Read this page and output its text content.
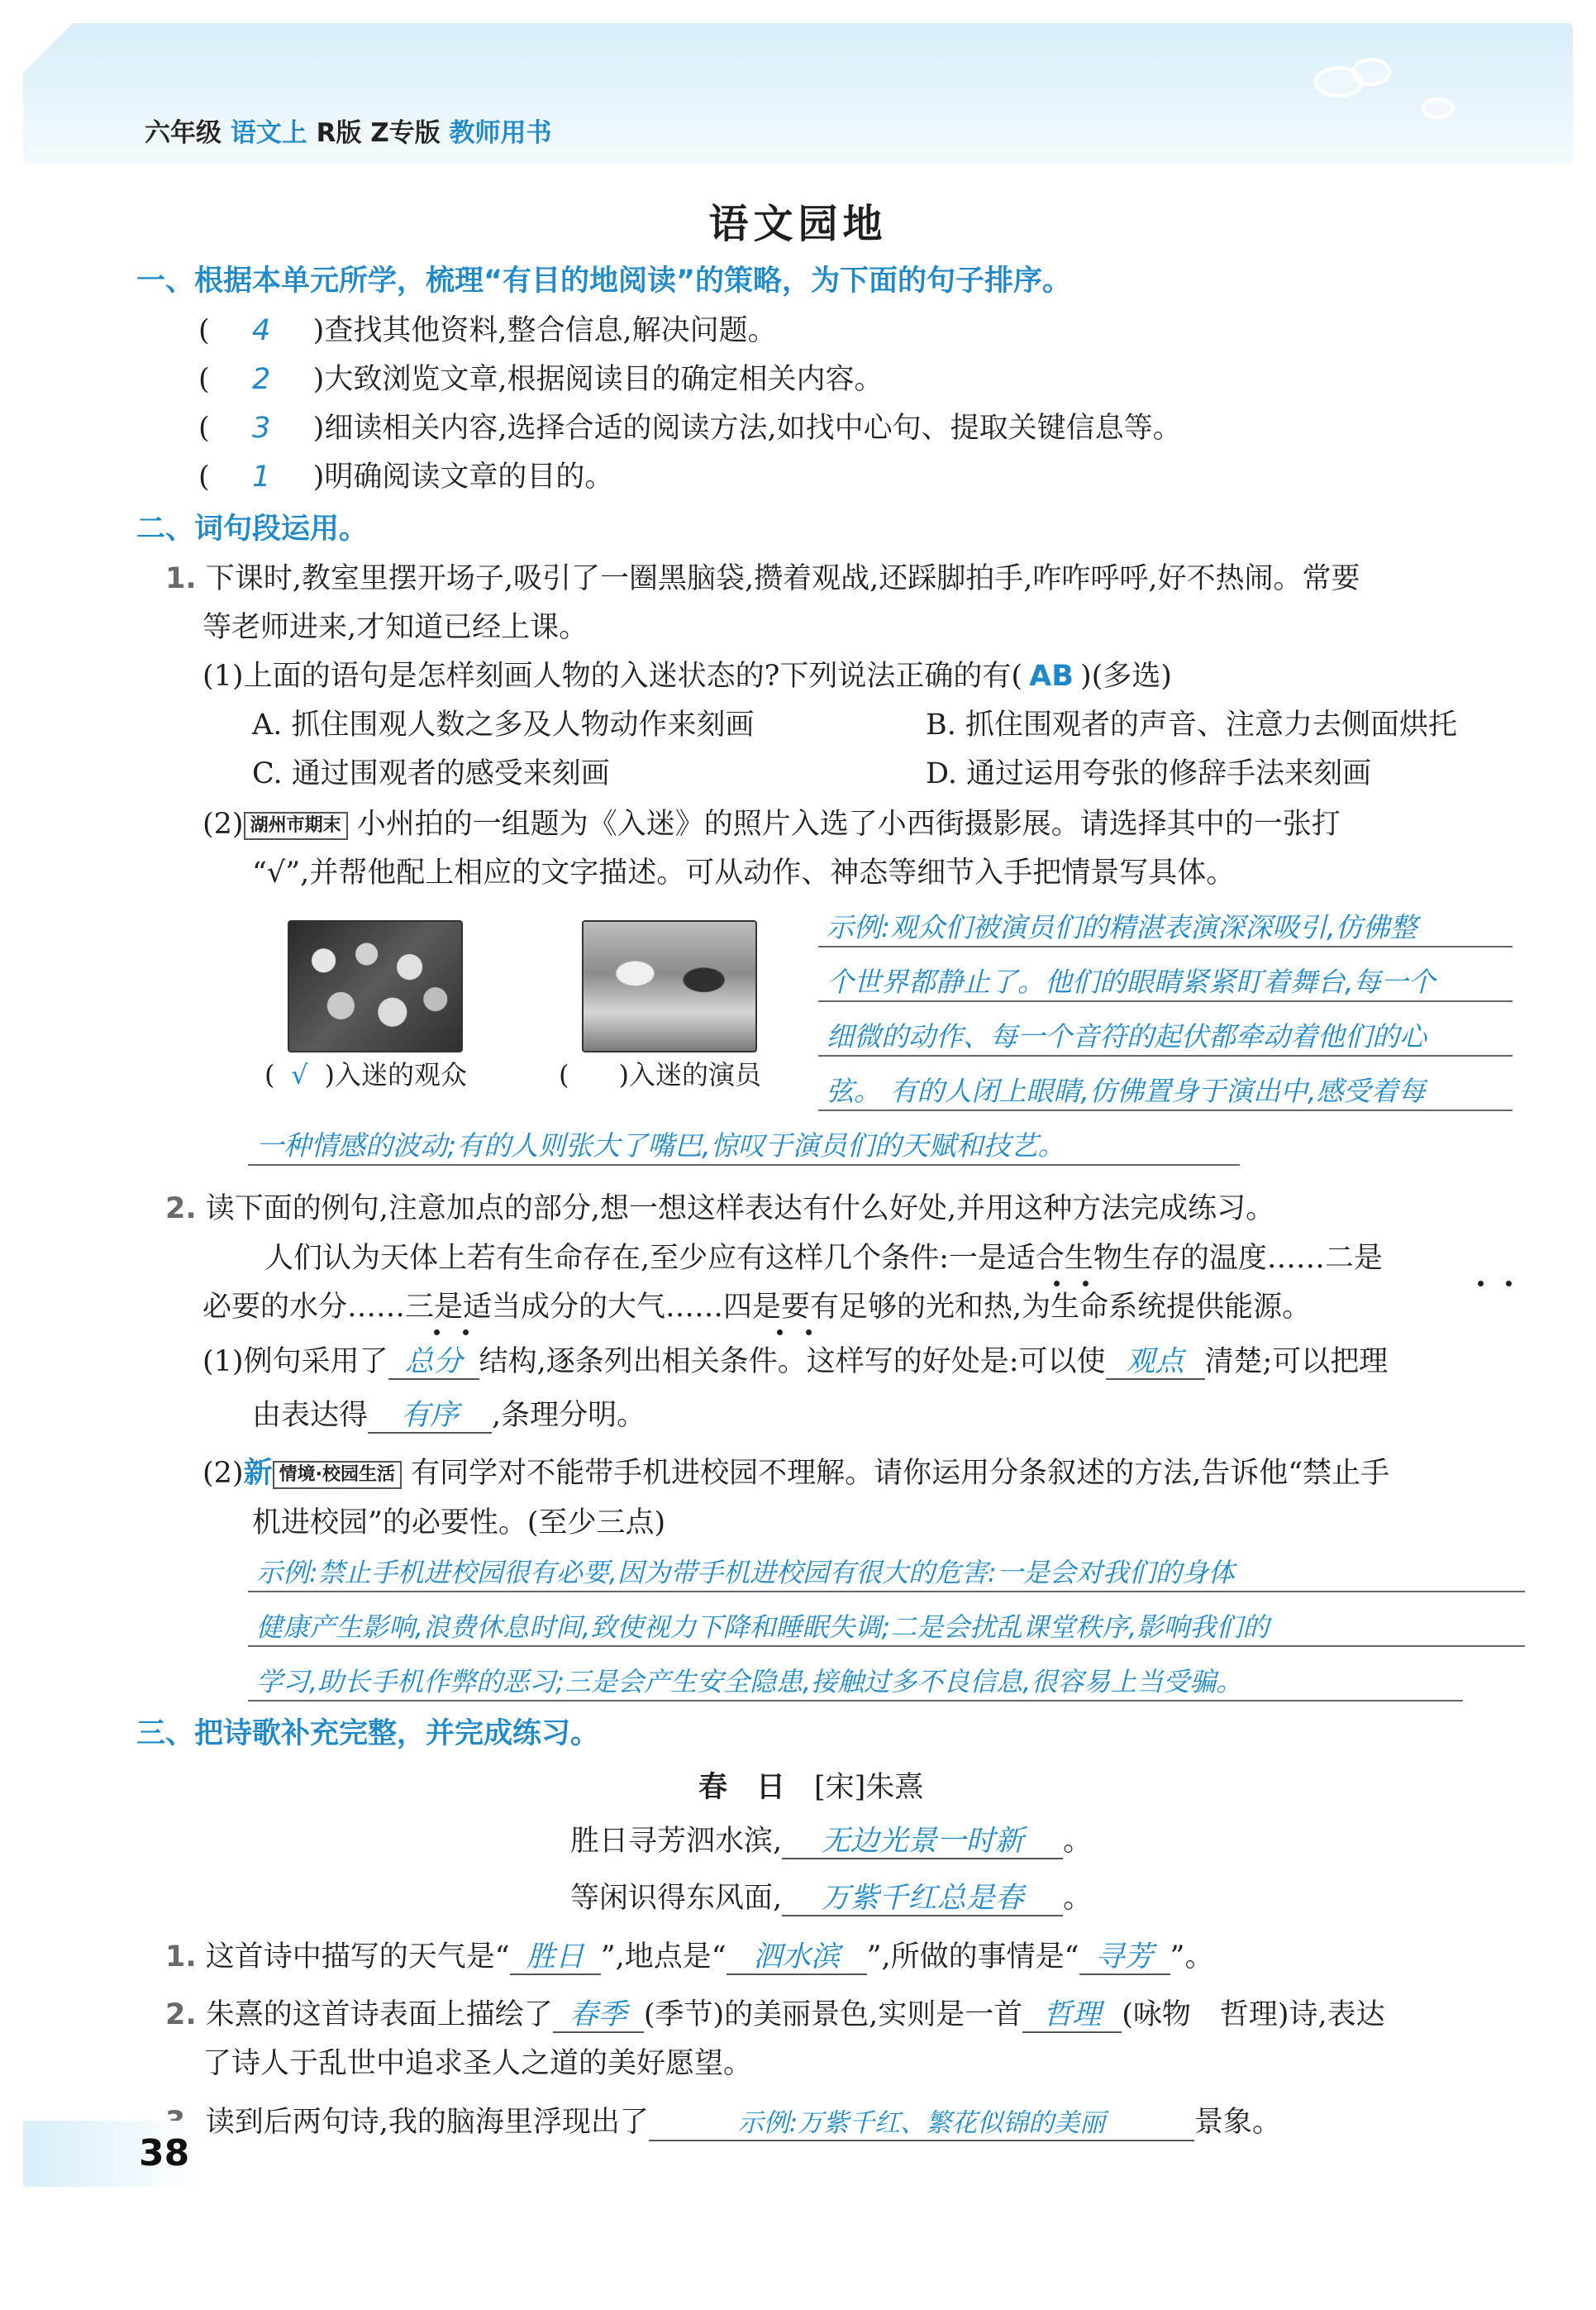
六年级 语文上 R版 Z专版 教师用书
语文园地
一、根据本单元所学，梳理“有目的地阅读”的策略，为下面的句子排序。
(　4　 )查找其他资料,整合信息,解决问题。
(　2　 )大致浏览文章,根据阅读目的确定相关内容。
(　3　 )细读相关内容,选择合适的阅读方法,如找中心句、提取关键信息等。
(　1　 )明确阅读文章的目的。
二、词句段运用。
1. 下课时,教室里摆开场子,吸引了一圈黑脑袋,攒着观战,还踩脚拍手,咋咋呼呼,好不热闹。常要
等老师进来,才知道已经上课。
(1)上面的语句是怎样刻画人物的入迷状态的?下列说法正确的有( AB )(多选)
A. 抓住围观人数之多及人物动作来刻画	B. 抓住围观者的声音、注意力去侧面烘托
C. 通过围观者的感受来刻画	D. 通过运用夸张的修辞手法来刻画
(2) 湖州市期末 小州拍的一组题为《入迷》的照片入选了小西街摄影展。请选择其中的一张打
“√”,并帮他配上相应的文字描述。可从动作、神态等细节入手把情景写具体。
( √ )入迷的观众	( )入迷的演员
示例:观众们被演员们的精湛表演深深吸引,仿佛整
个世界都静止了。他们的眼睛紧紧盯着舞台,每一个
细微的动作、每一个音符的起伏都牵动着他们的心
弦。 有的人闭上眼睛,仿佛置身于演出中,感受着每
一种情感的波动;有的人则张大了嘴巴,惊叹于演员们的天赋和技艺。
2. 读下面的例句,注意加点的部分,想一想这样表达有什么好处,并用这种方法完成练习。
人们认为天体上若有生命存在,至少应有这样几个条件:一是适合生物生存的温度……二是
必要的水分……三是适当成分的大气……四是要有足够的光和热,为生命系统提供能源。
(1)例句采用了 总分 结构,逐条列出相关条件。这样写的好处是:可以使 观点 清楚;可以把理
由表达得 有序 ,条理分明。
(2)新 情境·校园生活 有同学对不能带手机进校园不理解。请你运用分条叙述的方法,告诉他“禁止手
机进校园”的必要性。(至少三点)
示例:禁止手机进校园很有必要,因为带手机进校园有很大的危害:一是会对我们的身体
健康产生影响,浪费休息时间,致使视力下降和睡眠失调;二是会扰乱课堂秩序,影响我们的
学习,助长手机作弊的恶习;三是会产生安全隐患,接触过多不良信息,很容易上当受骗。
三、把诗歌补充完整，并完成练习。
春　日　 [宋]朱熹
胜日寻芳泗水滨, 无边光景一时新 。
等闲识得东风面, 万紫千红总是春 。
1. 这首诗中描写的天气是“ 胜日 ”,地点是“ 泗水滨 ”,所做的事情是“ 寻芳 ”。
2. 朱熹的这首诗表面上描绘了 春季 (季节)的美丽景色,实则是一首 哲理 (咏物　哲理)诗,表达
了诗人于乱世中追求圣人之道的美好愿望。
读到后两句诗,我的脑海里浮现出了	示例:万紫千红、繁花似锦的美丽	景象。
38
